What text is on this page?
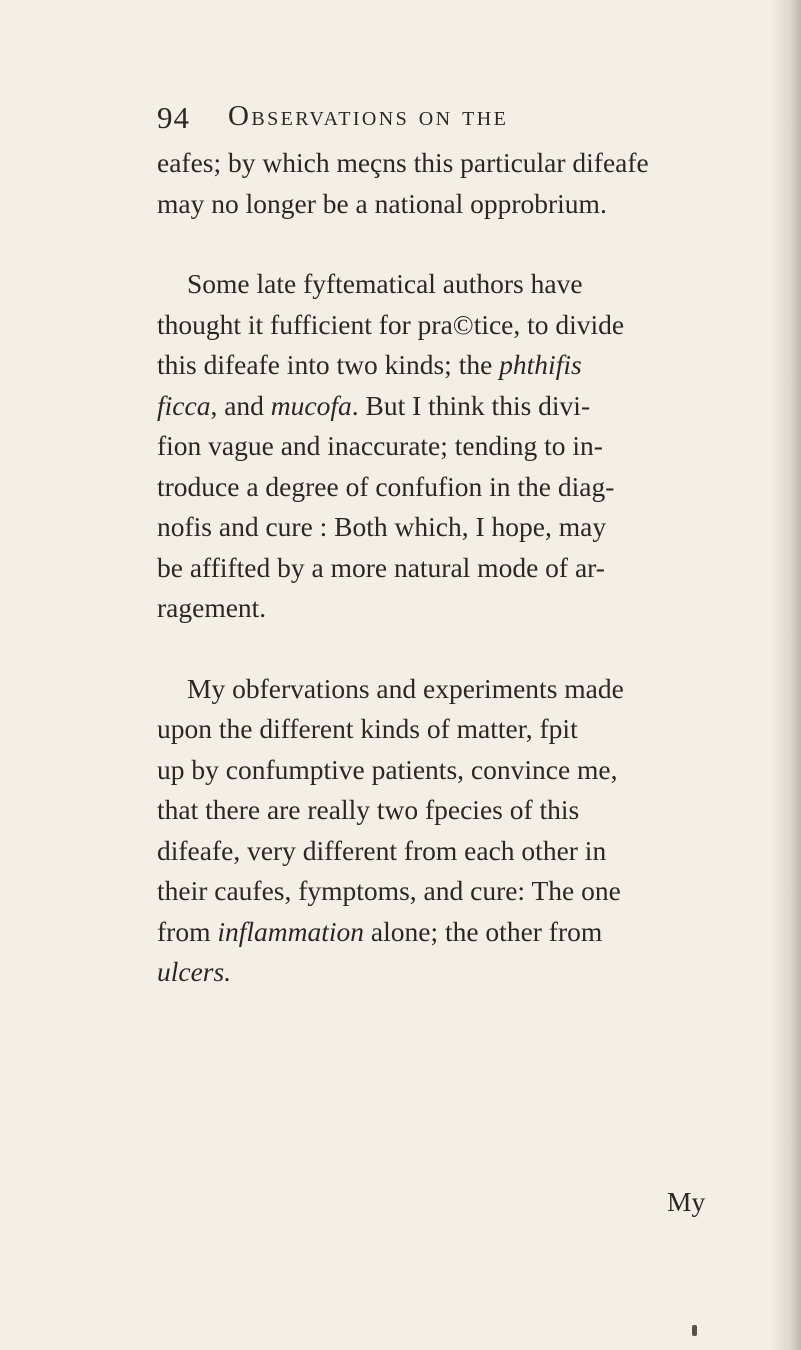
94 Observations on the
eafes; by which meçns this particular difeafe
may no longer be a national opprobrium.
Some late fyftematical authors have
thought it fufficient for pra©tice, to divide
this difeafe into two kinds; the phthifis
ficca, and mucofa. But I think this divi-
fion vague and inaccurate; tending to in-
troduce a degree of confufion in the diag-
nofis and cure : Both which, I hope, may
be affifted by a more natural mode of ar-
ragement.
My obfervations and experiments made
upon the different kinds of matter, fpit
up by confumptive patients, convince me,
that there are really two fpecies of this
difeafe, very different from each other in
their caufes, fymptoms, and cure: The one
from inflammation alone; the other from
ulcers.
My
